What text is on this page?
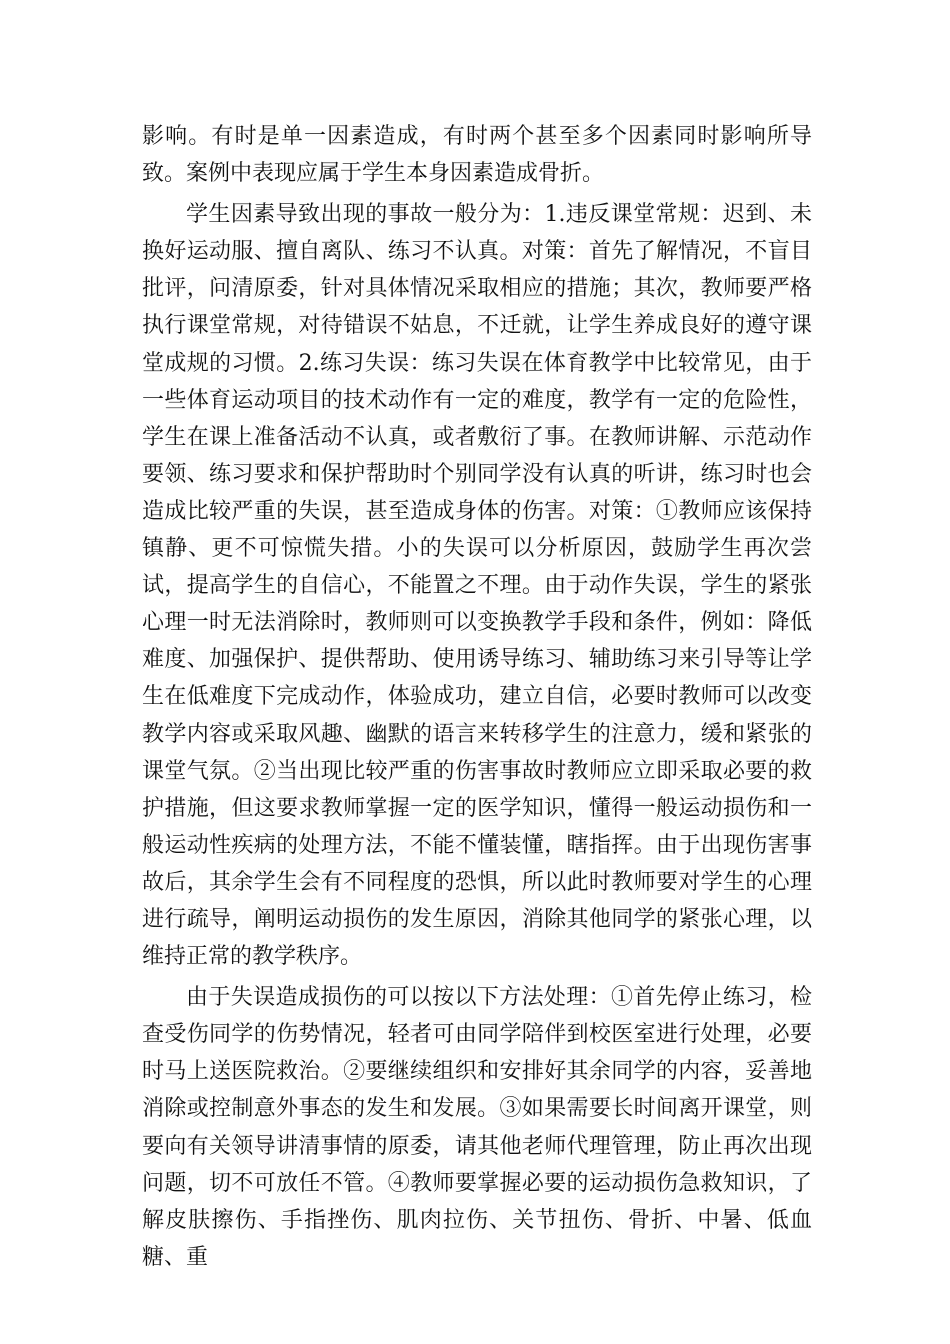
影响。有时是单一因素造成，有时两个甚至多个因素同时影响所导致。案例中表现应属于学生本身因素造成骨折。

学生因素导致出现的事故一般分为：1.违反课堂常规：迟到、未换好运动服、擅自离队、练习不认真。对策：首先了解情况，不盲目批评，问清原委，针对具体情况采取相应的措施；其次，教师要严格执行课堂常规，对待错误不姑息，不迁就，让学生养成良好的遵守课堂成规的习惯。2.练习失误：练习失误在体育教学中比较常见，由于一些体育运动项目的技术动作有一定的难度，教学有一定的危险性，学生在课上准备活动不认真，或者敷衍了事。在教师讲解、示范动作要领、练习要求和保护帮助时个别同学没有认真的听讲，练习时也会造成比较严重的失误，甚至造成身体的伤害。对策：①教师应该保持镇静、更不可惊慌失措。小的失误可以分析原因，鼓励学生再次尝试，提高学生的自信心，不能置之不理。由于动作失误，学生的紧张心理一时无法消除时，教师则可以变换教学手段和条件，例如：降低难度、加强保护、提供帮助、使用诱导练习、辅助练习来引导等让学生在低难度下完成动作，体验成功，建立自信，必要时教师可以改变教学内容或采取风趣、幽默的语言来转移学生的注意力，缓和紧张的课堂气氛。②当出现比较严重的伤害事故时教师应立即采取必要的救护措施，但这要求教师掌握一定的医学知识，懂得一般运动损伤和一般运动性疾病的处理方法，不能不懂装懂，瞎指挥。由于出现伤害事故后，其余学生会有不同程度的恐惧，所以此时教师要对学生的心理进行疏导，阐明运动损伤的发生原因，消除其他同学的紧张心理，以维持正常的教学秩序。

由于失误造成损伤的可以按以下方法处理：①首先停止练习，检查受伤同学的伤势情况，轻者可由同学陪伴到校医室进行处理，必要时马上送医院救治。②要继续组织和安排好其余同学的内容，妥善地消除或控制意外事态的发生和发展。③如果需要长时间离开课堂，则要向有关领导讲清事情的原委，请其他老师代理管理，防止再次出现问题，切不可放任不管。④教师要掌握必要的运动损伤急救知识，了解皮肤擦伤、手指挫伤、肌肉拉伤、关节扭伤、骨折、中暑、低血糖、重
